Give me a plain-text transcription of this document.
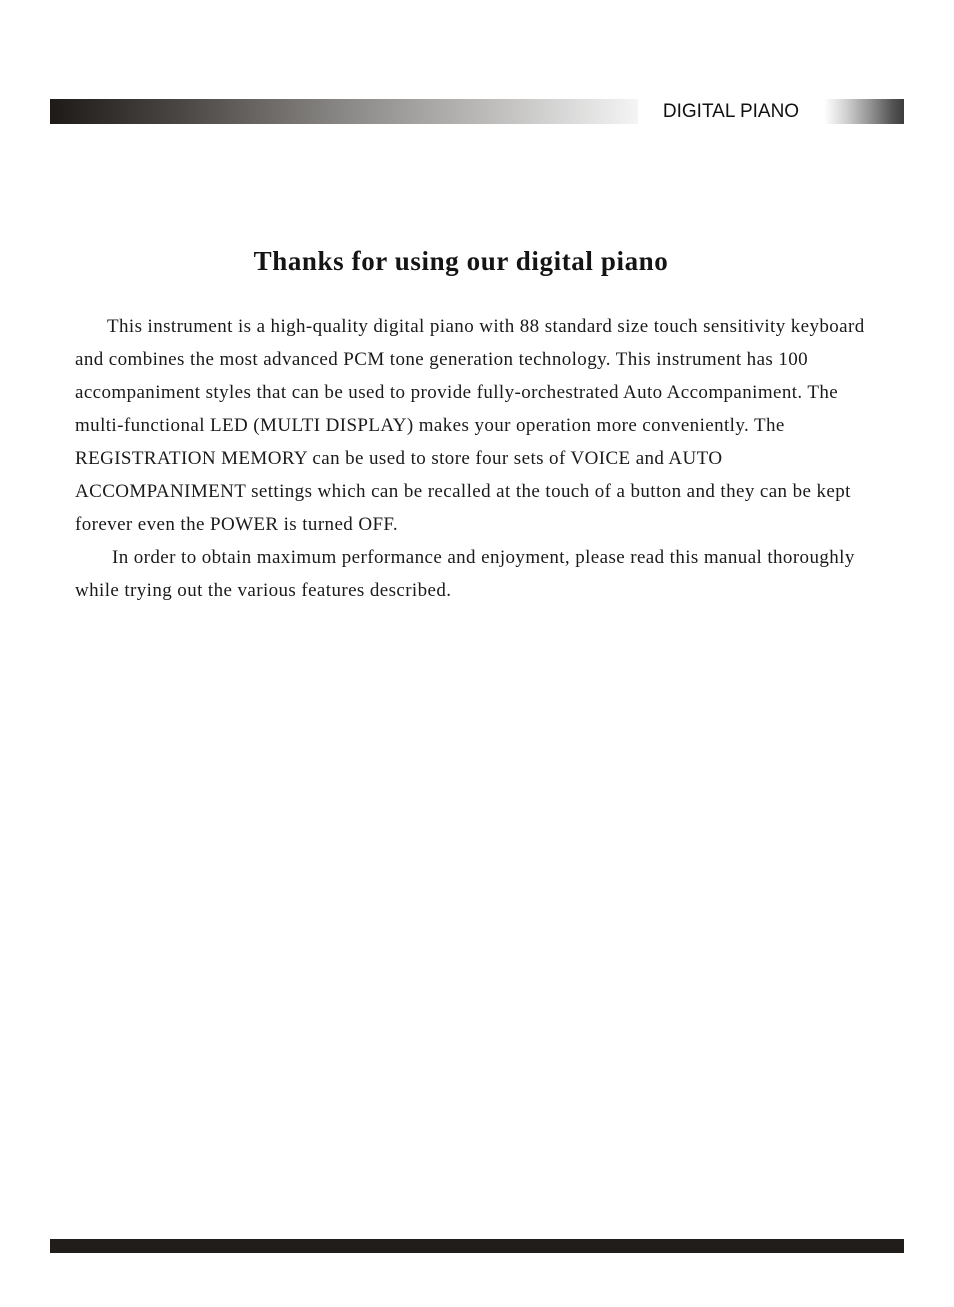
DIGITAL PIANO
Thanks for using our digital piano

This instrument is a high-quality digital piano with 88 standard size touch sensitivity keyboard and combines the most advanced PCM tone generation technology. This instrument has 100 accompaniment styles that can be used to provide fully-orchestrated Auto Accompaniment. The multi-functional LED (MULTI DISPLAY) makes your operation more conveniently. The REGISTRATION MEMORY can be used to store four sets of VOICE and AUTO ACCOMPANIMENT settings which can be recalled at the touch of a button and they can be kept forever even the POWER is turned OFF.

In order to obtain maximum performance and enjoyment, please read this manual thoroughly while trying out the various features described.
